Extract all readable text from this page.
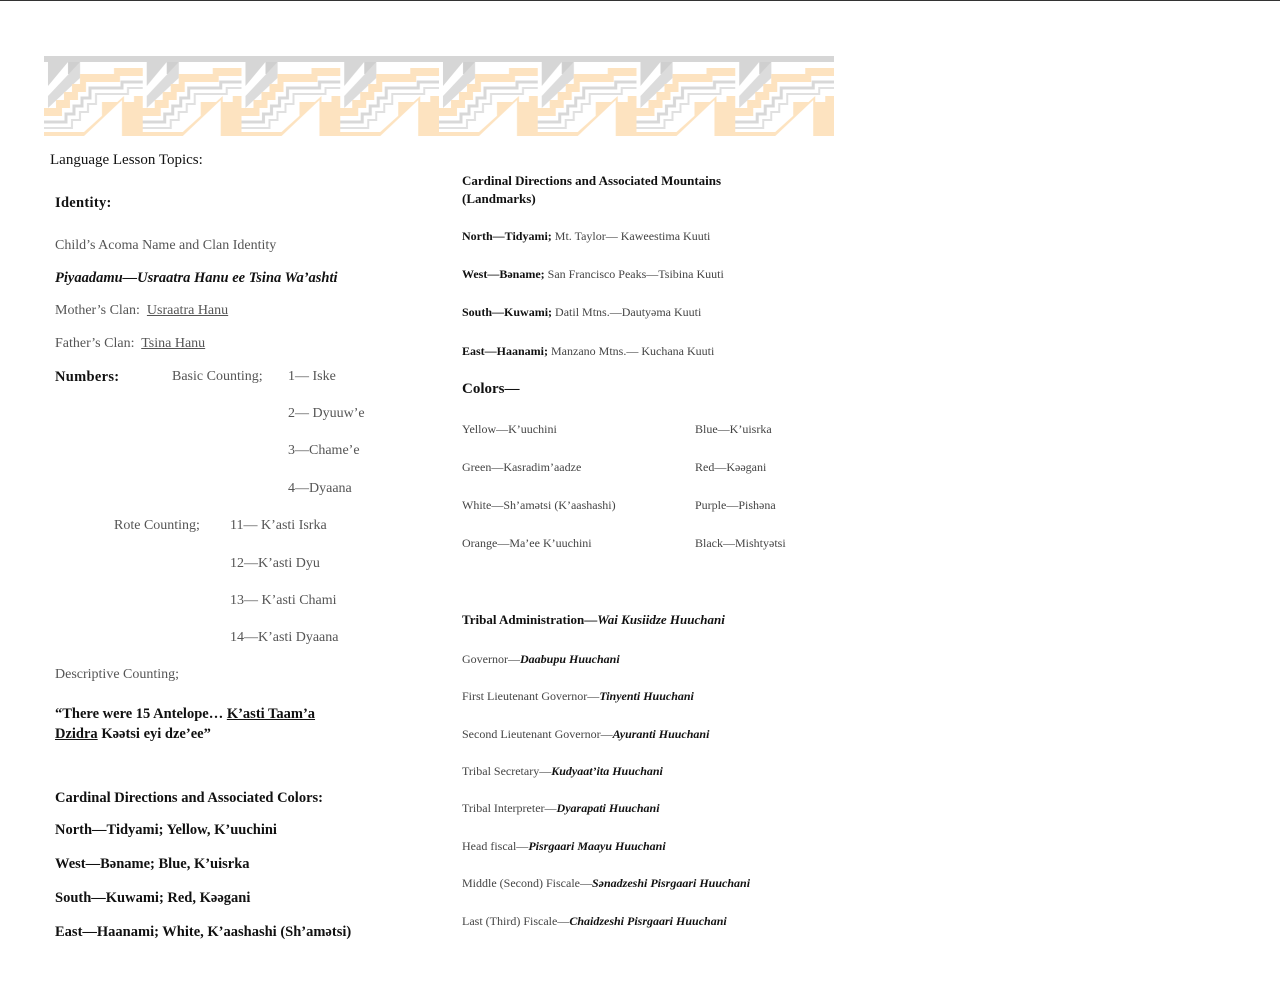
Language Lesson Topics:
Identity:
Child’s Acoma Name and Clan Identity
Piyaadamu—Usraatra Hanu ee Tsina Wa’ashti
Mother’s Clan: Usraatra Hanu
Father’s Clan: Tsina Hanu
Numbers:	Basic Counting; 1— Iske
2— Dyuuw’e
3—Chame’e
4—Dyaana
Rote Counting; 11— K’asti Isrka
12—K’asti Dyu
13— K’asti Chami
14—K’asti Dyaana
Descriptive Counting;
“There were 15 Antelope… K’asti Taam’a
Dzidra Kəətsi eyi dze’ee”
Cardinal Directions and Associated Colors:
North—Tidyami; Yellow, K’uuchini
West—Bəname; Blue, K’uisrka
South—Kuwami; Red, Kəəgani
East—Haanami; White, K’aashashi (Sh’amətsi)
Cardinal Directions and Associated Mountains
(Landmarks)
North—Tidyami; Mt. Taylor— Kaweestima Kuuti
West—Bəname; San Francisco Peaks—Tsibina Kuuti
South—Kuwami; Datil Mtns.—Dautyəma Kuuti
East—Haanami; Manzano Mtns.— Kuchana Kuuti
Colors—
Yellow—K’uuchini
Green—Kasradim’aadze
White—Sh’amətsi (K’aashashi)
Orange—Ma’ee K’uuchini
Blue—K’uisrka
Red—Kəəgani
Purple—Pishəna
Black—Mishtyətsi
Tribal Administration—Wai Kusiidze Huuchani
Governor—Daabupu Huuchani
First Lieutenant Governor—Tinyenti Huuchani
Second Lieutenant Governor—Ayuranti Huuchani
Tribal Secretary—Kudyaat’ita Huuchani
Tribal Interpreter—Dyarapati Huuchani
Head fiscal—Pisrgaari Maayu Huuchani
Middle (Second) Fiscale—Sənadzeshi Pisrgaari Huuchani
Last (Third) Fiscale—Chaidzeshi Pisrgaari Huuchani
